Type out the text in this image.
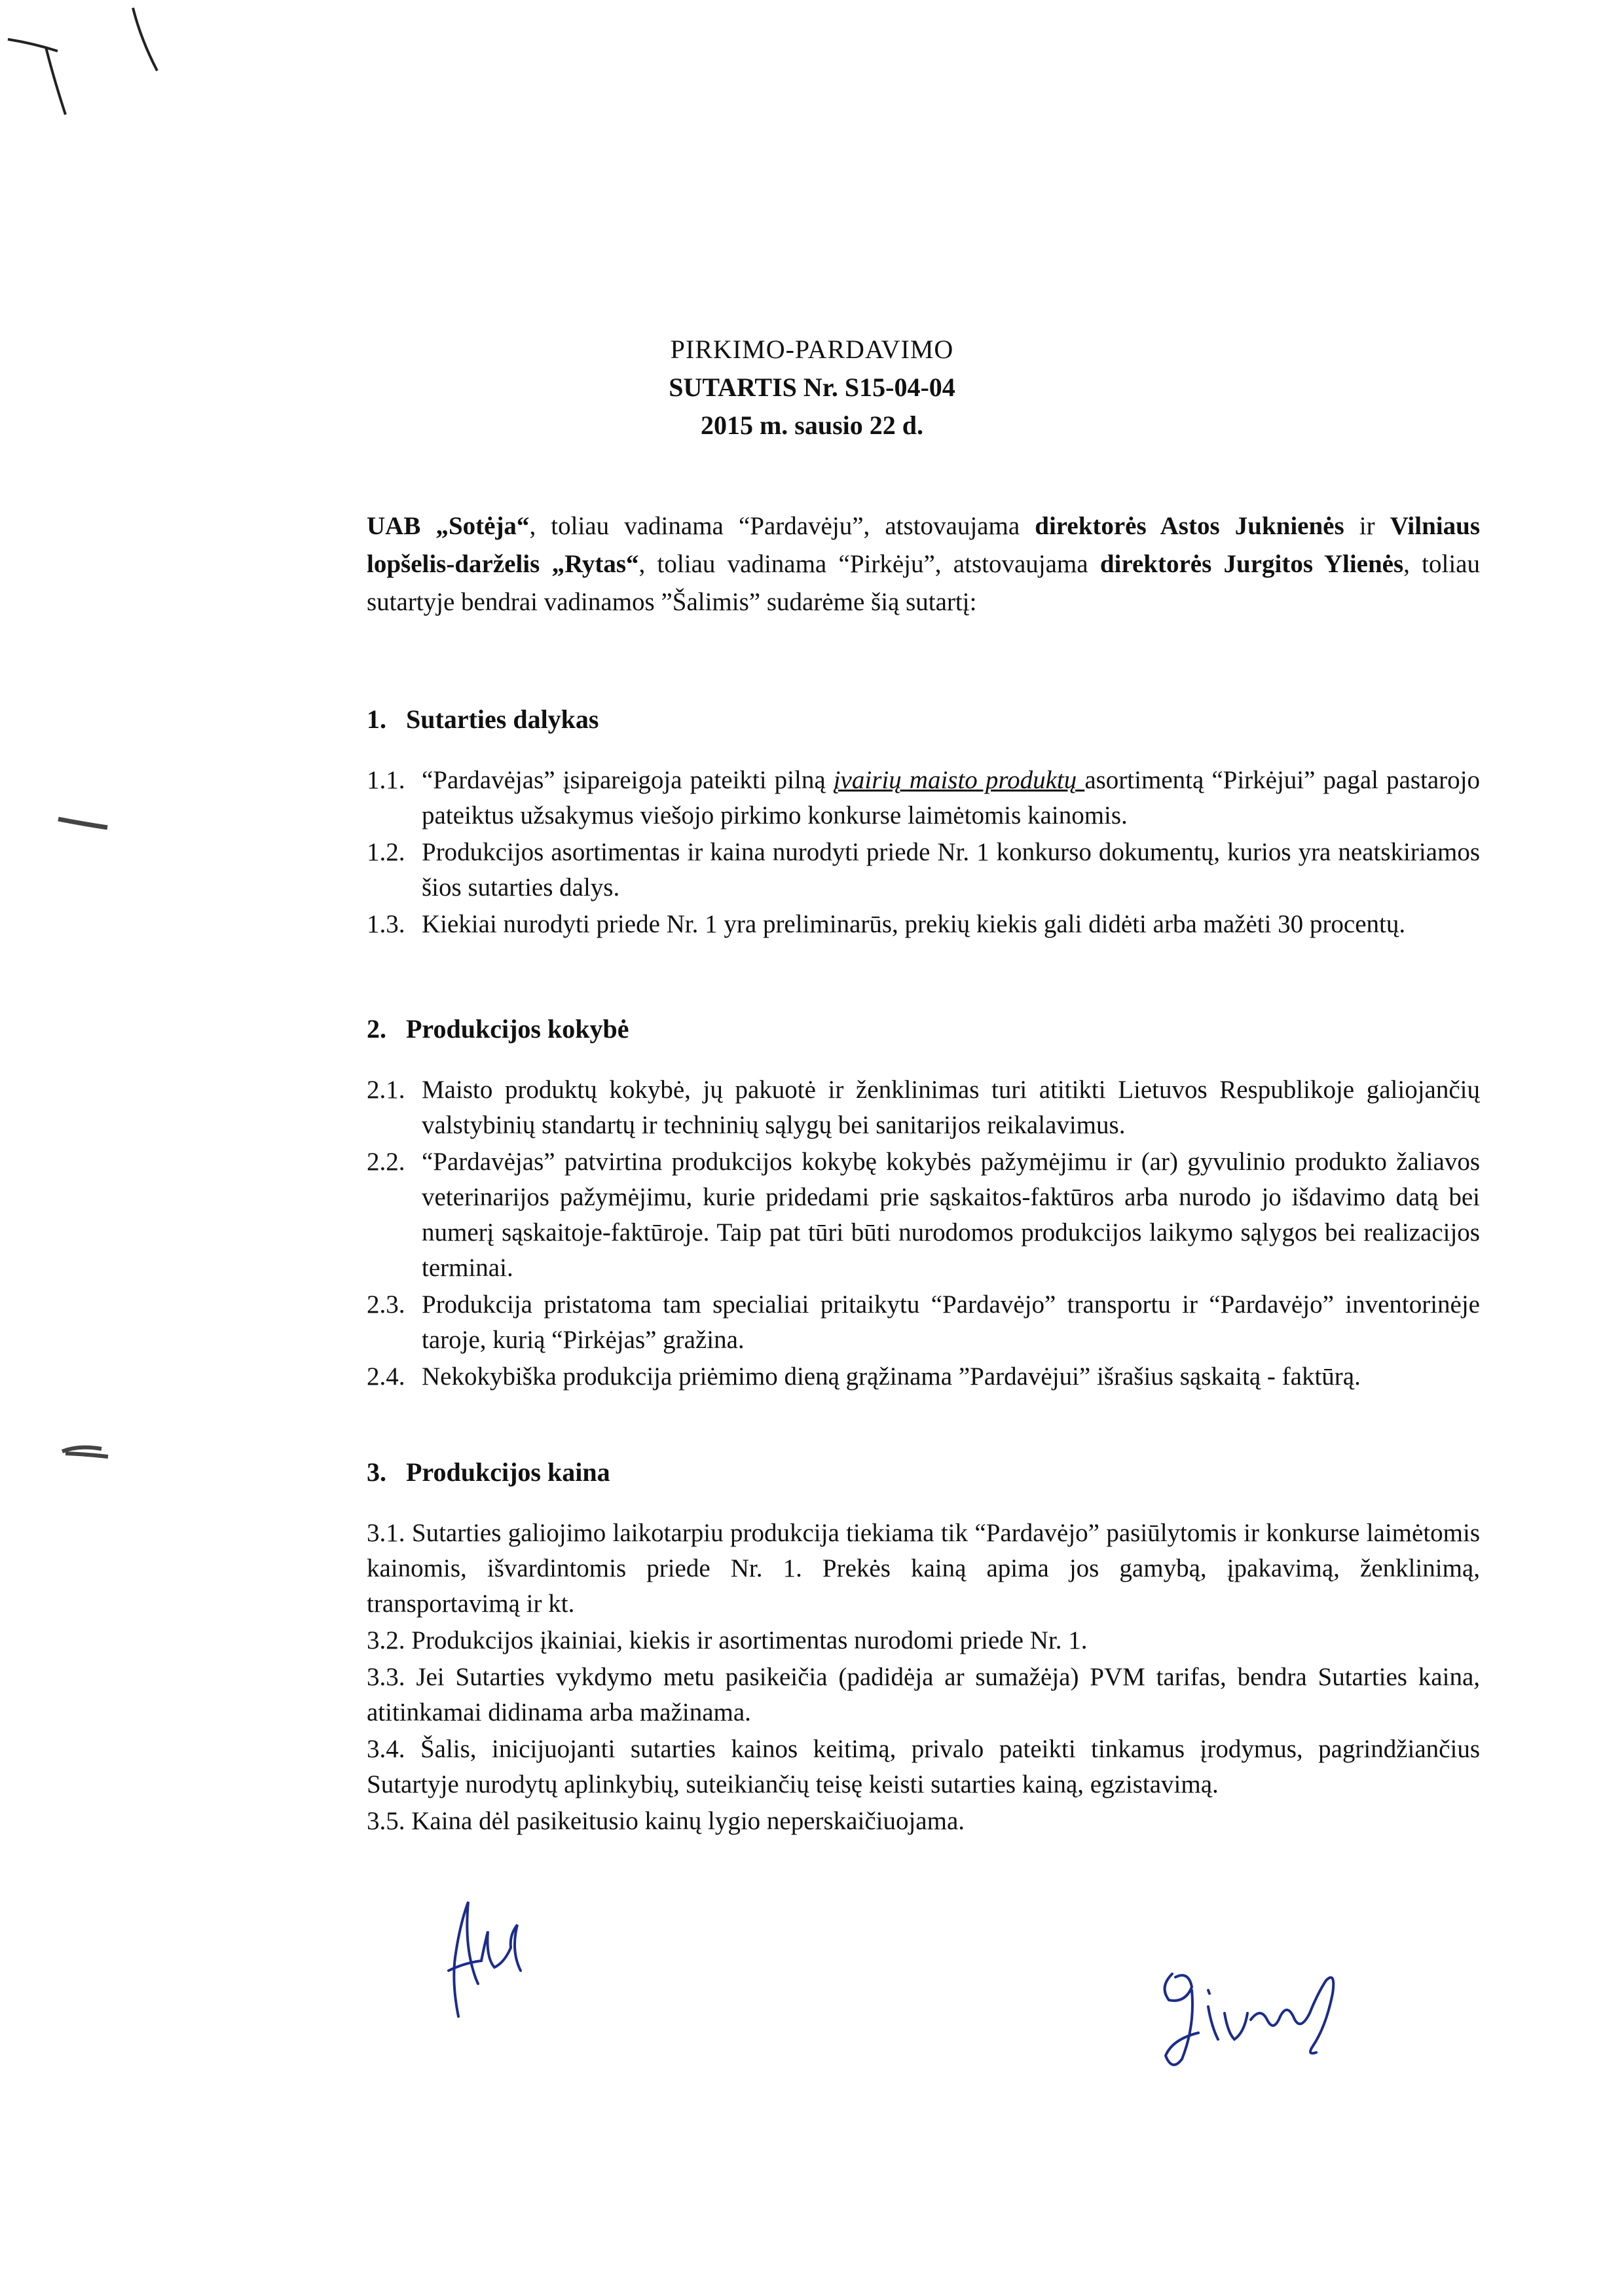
PIRKIMO-PARDAVIMO
SUTARTIS Nr. S15-04-04
2015 m. sausio 22 d.
UAB „Sotėja“, toliau vadinama “Pardavėju”, atstovaujama direktorės Astos Juknienės ir Vilniaus lopšelis-darželis „Rytas“, toliau vadinama “Pirkėju”, atstovaujama direktorės Jurgitos Ylienės, toliau sutartyje bendrai vadinamos ”Šalimis” sudarėme šią sutartį:
1. Sutarties dalykas
1.1. “Pardavėjas” įsipareigoja pateikti pilną įvairių maisto produktų asortimentą “Pirkėjui” pagal pastarojo pateiktus užsakymus viešojo pirkimo konkurse laimėtomis kainomis.
1.2. Produkcijos asortimentas ir kaina nurodyti priede Nr. 1 konkurso dokumentų, kurios yra neatskiriamos šios sutarties dalys.
1.3. Kiekiai nurodyti priede Nr. 1 yra preliminarūs, prekių kiekis gali didėti arba mažėti 30 procentų.
2. Produkcijos kokybė
2.1. Maisto produktų kokybė, jų pakuotė ir ženklinimas turi atitikti Lietuvos Respublikoje galiojančių valstybinių standartų ir techninių sąlygų bei sanitarijos reikalavimus.
2.2. “Pardavėjas” patvirtina produkcijos kokybę kokybės pažymėjimu ir (ar) gyvulinio produkto žaliavos veterinarijos pažymėjimu, kurie pridedami prie sąskaitos-faktūros arba nurodo jo išdavimo datą bei numerį sąskaitoje-faktūroje. Taip pat tūri būti nurodomos produkcijos laikymo sąlygos bei realizacijos terminai.
2.3. Produkcija pristatoma tam specialiai pritaikytu “Pardavėjo” transportu ir “Pardavėjo” inventorinėje taroje, kurią “Pirkėjas” gražina.
2.4. Nekokybiška produkcija priėmimo dieną grąžinama ”Pardavėjui” išrašius sąskaitą - faktūrą.
3. Produkcijos kaina
3.1. Sutarties galiojimo laikotarpiu produkcija tiekiama tik “Pardavėjo” pasiūlytomis ir konkurse laimėtomis kainomis, išvardintomis priede Nr. 1. Prekės kainą apima jos gamybą, įpakavimą, ženklinimą, transportavimą ir kt.
3.2. Produkcijos įkainiai, kiekis ir asortimentas nurodomi priede Nr. 1.
3.3. Jei Sutarties vykdymo metu pasikeičia (padidėja ar sumažėja) PVM tarifas, bendra Sutarties kaina, atitinkamai didinama arba mažinama.
3.4. Šalis, inicijuojanti sutarties kainos keitimą, privalo pateikti tinkamus įrodymus, pagrindžiančius Sutartyje nurodytų aplinkybių, suteikiančių teisę keisti sutarties kainą, egzistavimą.
3.5. Kaina dėl pasikeitusio kainų lygio neperskaičiuojama.
